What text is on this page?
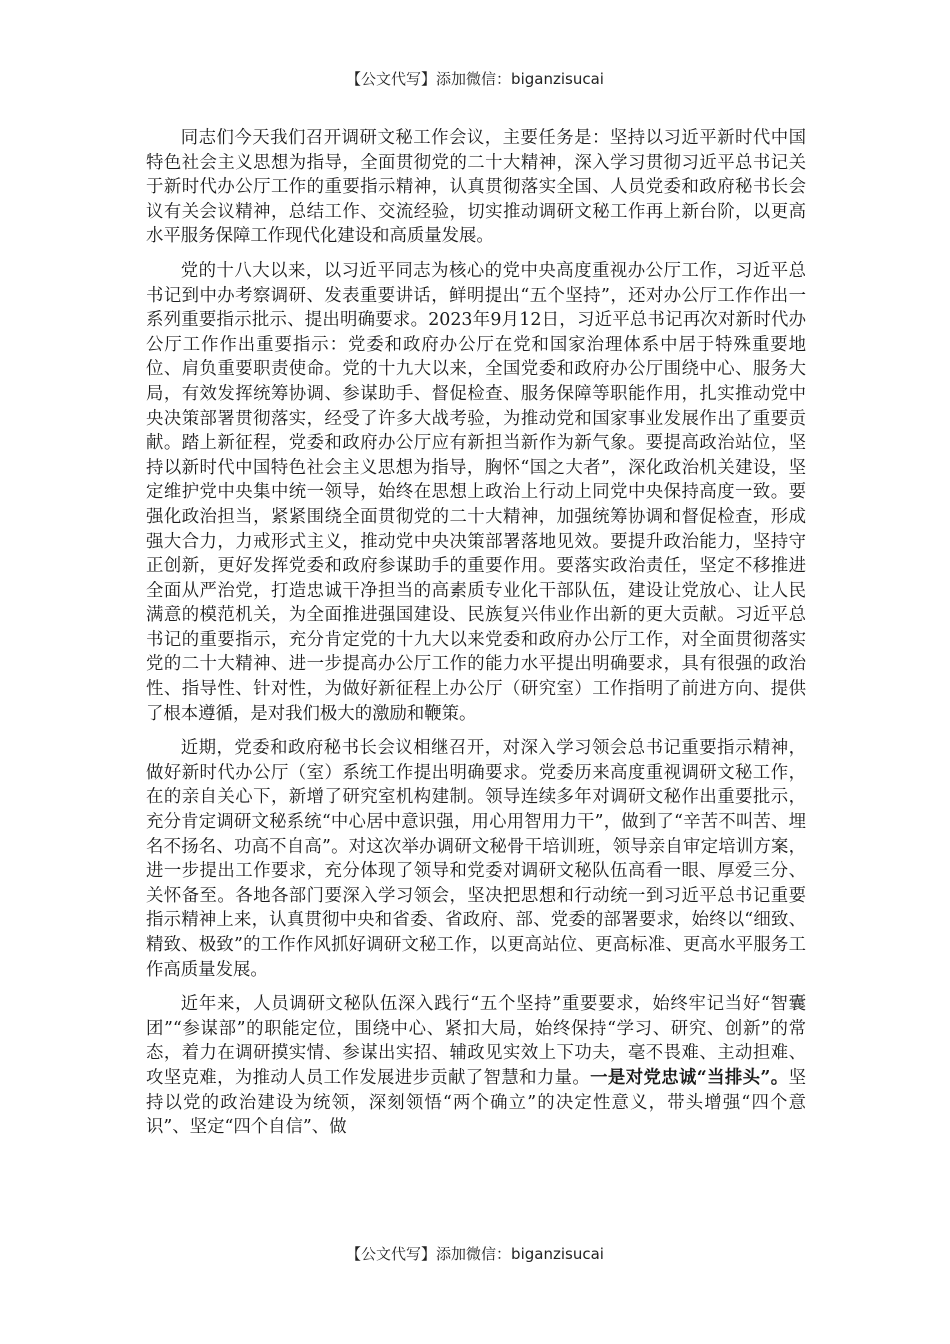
【公文代写】添加微信：biganzisucai

同志们今天我们召开调研文秘工作会议，主要任务是：坚持以习近平新时代中国特色社会主义思想为指导，全面贯彻党的二十大精神，深入学习贯彻习近平总书记关于新时代办公厅工作的重要指示精神，认真贯彻落实全国、人员党委和政府秘书长会议有关会议精神，总结工作、交流经验，切实推动调研文秘工作再上新台阶，以更高水平服务保障工作现代化建设和高质量发展。

党的十八大以来，以习近平同志为核心的党中央高度重视办公厅工作，习近平总书记到中办考察调研、发表重要讲话，鲜明提出“五个坚持”，还对办公厅工作作出一系列重要指示批示、提出明确要求。2023年9月12日，习近平总书记再次对新时代办公厅工作作出重要指示：党委和政府办公厅在党和国家治理体系中居于特殊重要地位、肩负重要职责使命。党的十九大以来，全国党委和政府办公厅围绕中心、服务大局，有效发挥统筹协调、参谋助手、督促检查、服务保障等职能作用，扎实推动党中央决策部署贯彻落实，经受了许多大战考验，为推动党和国家事业发展作出了重要贡献。踏上新征程，党委和政府办公厅应有新担当新作为新气象。要提高政治站位，坚持以新时代中国特色社会主义思想为指导，胸怀“国之大者”，深化政治机关建设，坚定维护党中央集中统一领导，始终在思想上政治上行动上同党中央保持高度一致。要强化政治担当，紧紧围绕全面贯彻党的二十大精神，加强统筹协调和督促检查，形成强大合力，力戒形式主义，推动党中央决策部署落地见效。要提升政治能力，坚持守正创新，更好发挥党委和政府参谋助手的重要作用。要落实政治责任，坚定不移推进全面从严治党，打造忠诚干净担当的高素质专业化干部队伍，建设让党放心、让人民满意的模范机关，为全面推进强国建设、民族复兴伟业作出新的更大贡献。习近平总书记的重要指示，充分肯定党的十九大以来党委和政府办公厅工作，对全面贯彻落实党的二十大精神、进一步提高办公厅工作的能力水平提出明确要求，具有很强的政治性、指导性、针对性，为做好新征程上办公厅（研究室）工作指明了前进方向、提供了根本遵循，是对我们极大的激励和鞭策。

近期，党委和政府秘书长会议相继召开，对深入学习领会总书记重要指示精神，做好新时代办公厅（室）系统工作提出明确要求。党委历来高度重视调研文秘工作，在的亲自关心下，新增了研究室机构建制。领导连续多年对调研文秘作出重要批示，充分肯定调研文秘系统“中心居中意识强，用心用智用力干”，做到了“辛苦不叫苦、埋名不扬名、功高不自高”。对这次举办调研文秘骨干培训班，领导亲自审定培训方案，进一步提出工作要求，充分体现了领导和党委对调研文秘队伍高看一眼、厚爱三分、关怀备至。各地各部门要深入学习领会，坚决把思想和行动统一到习近平总书记重要指示精神上来，认真贯彻中央和省委、省政府、部、党委的部署要求，始终以“细致、精致、极致”的工作作风抓好调研文秘工作，以更高站位、更高标准、更高水平服务工作高质量发展。

近年来，人员调研文秘队伍深入践行“五个坚持”重要要求，始终牢记当好“智囊团”“参谋部”的职能定位，围绕中心、紧扣大局，始终保持“学习、研究、创新”的常态，着力在调研摸实情、参谋出实招、辅政见实效上下功夫，毫不畏难、主动担难、攻坚克难，为推动人员工作发展进步贡献了智慧和力量。一是对党忠诚“当排头”。坚持以党的政治建设为统领，深刻领悟“两个确立”的决定性意义，带头增强“四个意识”、坚定“四个自信”、做

【公文代写】添加微信：biganzisucai
